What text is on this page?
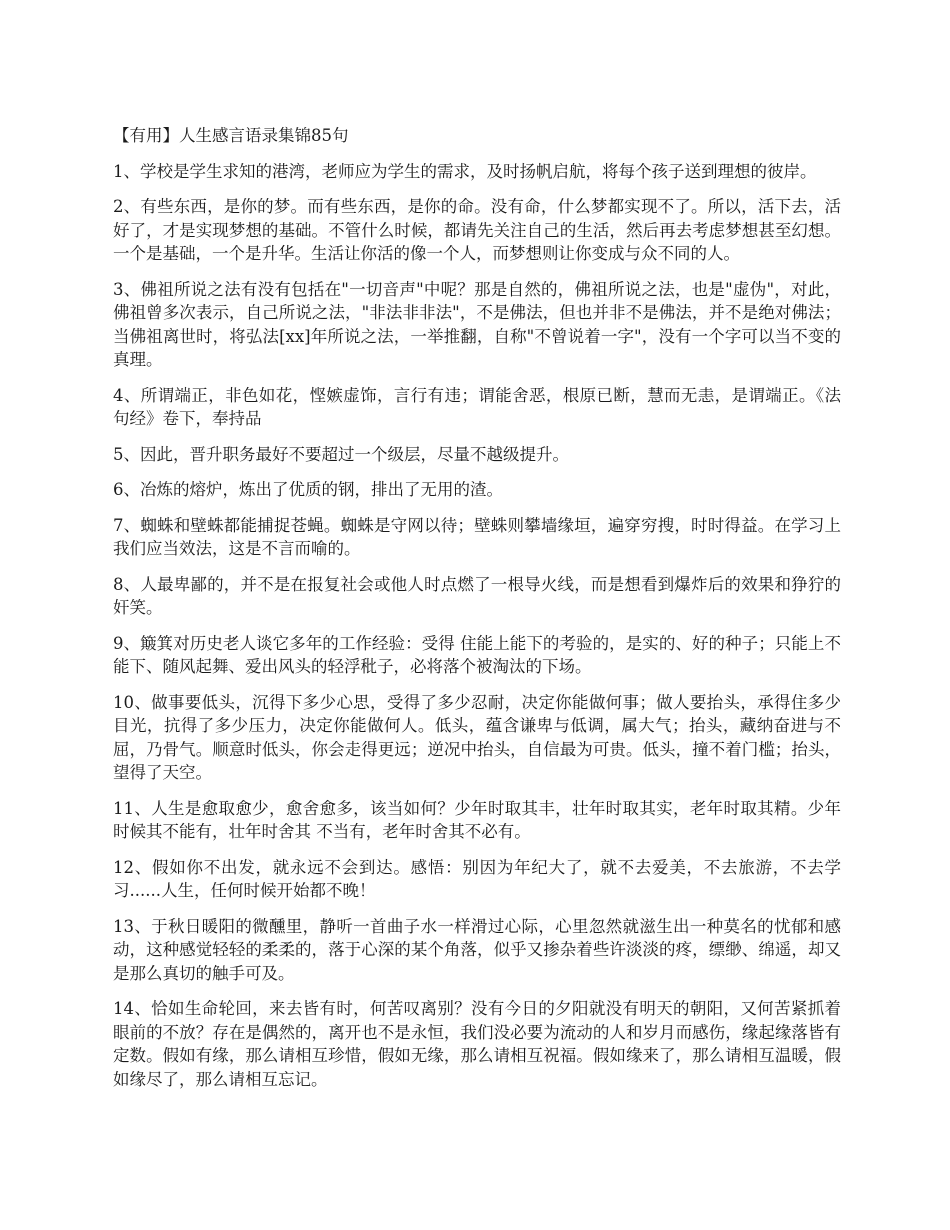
【有用】人生感言语录集锦85句

1、学校是学生求知的港湾，老师应为学生的需求，及时扬帆启航，将每个孩子送到理想的彼岸。

2、有些东西，是你的梦。而有些东西，是你的命。没有命，什么梦都实现不了。所以，活下去，活好了，才是实现梦想的基础。不管什么时候，都请先关注自己的生活，然后再去考虑梦想甚至幻想。一个是基础，一个是升华。生活让你活的像一个人，而梦想则让你变成与众不同的人。

3、佛祖所说之法有没有包括在"一切音声"中呢？那是自然的，佛祖所说之法，也是"虚伪"，对此，佛祖曾多次表示，自己所说之法，"非法非非法"，不是佛法，但也并非不是佛法，并不是绝对佛法；当佛祖离世时，将弘法[xx]年所说之法，一举推翻，自称"不曾说着一字"，没有一个字可以当不变的真理。

4、所谓端正，非色如花，悭嫉虚饰，言行有违；谓能舍恶，根原已断，慧而无恚，是谓端正。《法句经》卷下，奉持品

5、因此，晋升职务最好不要超过一个级层，尽量不越级提升。

6、冶炼的熔炉，炼出了优质的钢，排出了无用的渣。

7、蜘蛛和壁蛛都能捕捉苍蝇。蜘蛛是守网以待；壁蛛则攀墙缘垣，遍穿穷搜，时时得益。在学习上我们应当效法，这是不言而喻的。

8、人最卑鄙的，并不是在报复社会或他人时点燃了一根导火线，而是想看到爆炸后的效果和狰狞的奸笑。

9、簸箕对历史老人谈它多年的工作经验：受得 住能上能下的考验的，是实的、好的种子；只能上不能下、随风起舞、爱出风头的轻浮秕子，必将落个被淘汰的下场。

10、做事要低头，沉得下多少心思，受得了多少忍耐，决定你能做何事；做人要抬头，承得住多少目光，抗得了多少压力，决定你能做何人。低头，蕴含谦卑与低调，属大气；抬头，藏纳奋进与不屈，乃骨气。顺意时低头，你会走得更远；逆况中抬头，自信最为可贵。低头，撞不着门槛；抬头，望得了天空。

11、人生是愈取愈少，愈舍愈多，该当如何？少年时取其丰，壮年时取其实，老年时取其精。少年时候其不能有，壮年时舍其 不当有，老年时舍其不必有。

12、假如你不出发，就永远不会到达。感悟：别因为年纪大了，就不去爱美，不去旅游，不去学习......人生，任何时候开始都不晚！

13、于秋日暖阳的微醺里，静听一首曲子水一样滑过心际，心里忽然就滋生出一种莫名的忧郁和感动，这种感觉轻轻的柔柔的，落于心深的某个角落，似乎又掺杂着些许淡淡的疼，缥缈、绵遥，却又是那么真切的触手可及。

14、恰如生命轮回，来去皆有时，何苦叹离别？没有今日的夕阳就没有明天的朝阳，又何苦紧抓着眼前的不放？存在是偶然的，离开也不是永恒，我们没必要为流动的人和岁月而感伤，缘起缘落皆有定数。假如有缘，那么请相互珍惜，假如无缘，那么请相互祝福。假如缘来了，那么请相互温暖，假如缘尽了，那么请相互忘记。
